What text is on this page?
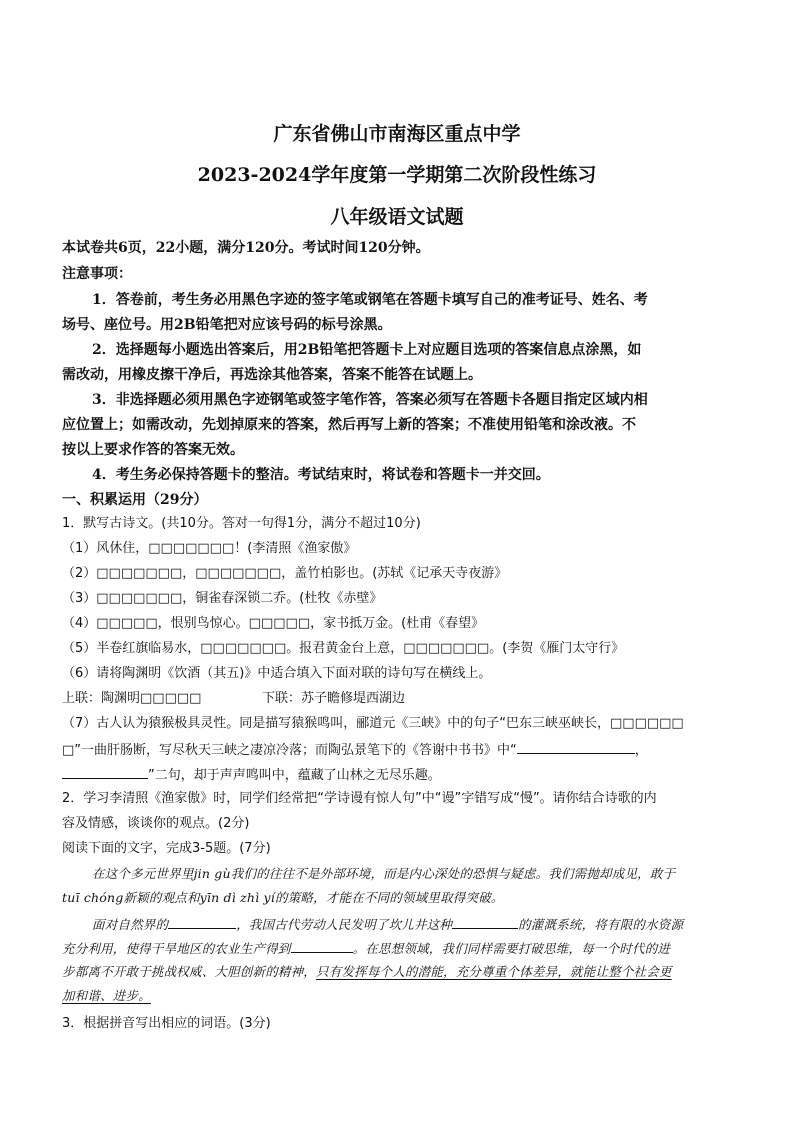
广东省佛山市南海区重点中学
2023-2024学年度第一学期第二次阶段性练习
八年级语文试题
本试卷共6页，22小题，满分120分。考试时间120分钟。
注意事项：
1．答卷前，考生务必用黑色字迹的签字笔或钢笔在答题卡填写自己的准考证号、姓名、考
场号、座位号。用2B铅笔把对应该号码的标号涂黑。
2．选择题每小题选出答案后，用2B铅笔把答题卡上对应题目选项的答案信息点涂黑，如
需改动，用橡皮擦干净后，再选涂其他答案，答案不能答在试题上。
3．非选择题必须用黑色字迹钢笔或签字笔作答，答案必须写在答题卡各题目指定区域内相
应位置上；如需改动，先划掉原来的答案，然后再写上新的答案；不准使用铅笔和涂改液。不
按以上要求作答的答案无效。
4．考生务必保持答题卡的整洁。考试结束时，将试卷和答题卡一并交回。
一、积累运用（29分）
1．默写古诗文。(共10分。答对一句得1分，满分不超过10分)
（1）风休住，□□□□□□□！(李清照《渔家傲》
（2）□□□□□□□，□□□□□□□，盖竹柏影也。(苏轼《记承天寺夜游》
（3）□□□□□□□，铜雀春深锁二乔。(杜牧《赤壁》
（4）□□□□□，恨别鸟惊心。□□□□□，家书抵万金。(杜甫《春望》
（5）半卷红旗临易水，□□□□□□□。报君黄金台上意，□□□□□□□。(李贺《雁门太守行》
（6）请将陶渊明《饮酒（其五)》中适合填入下面对联的诗句写在横线上。
上联：陶渊明□□□□□	下联：苏子瞻修堤西湖边
（7）古人认为猿猴极具灵性。同是描写猿猴鸣叫，郦道元《三峡》中的句子“巴东三峡巫峡长，□□□□□□
□”一曲肝肠断，写尽秋天三峡之凄凉冷落；而陶弘景笔下的《答谢中书书》中“	，
”二句，却于声声鸣叫中，蕴藏了山林之无尽乐趣。
2．学习李清照《渔家傲》时，同学们经常把“学诗谩有惊人句”中“谩”字错写成“慢”。请你结合诗歌的内
容及情感，谈谈你的观点。(2分)
阅读下面的文字，完成3-5题。(7分)
在这个多元世界里jin gù我们的往往不是外部环境，而是内心深处的恐惧与疑虑。我们需抛却成见，敢于
tuī chóng新颖的观点和yīn dì zhì yí的策略，才能在不同的领域里取得突破。
面对自然界的	，我国古代劳动人民发明了坎儿井这种	的灌溉系统，将有限的水资源
充分利用，使得干旱地区的农业生产得到	。在思想领域，我们同样需要打破思维，每一个时代的进
步都离不开敢于挑战权威、大胆创新的精神，只有发挥每个人的潜能，充分尊重个体差异，就能让整个社会更
加和谐、进步。
3．根据拼音写出相应的词语。(3分)
